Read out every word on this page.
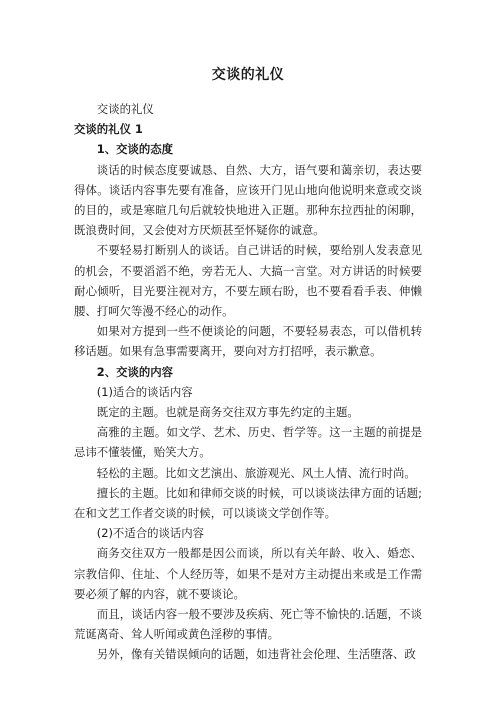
交谈的礼仪

交谈的礼仪

交谈的礼仪 1

1、交谈的态度

谈话的时候态度要诚恳、自然、大方，语气要和蔼亲切，表达要得体。谈话内容事先要有准备，应该开门见山地向他说明来意或交谈的目的，或是寒暄几句后就较快地进入正题。那种东拉西扯的闲聊，既浪费时间，又会使对方厌烦甚至怀疑你的诚意。

不要轻易打断别人的谈话。自己讲话的时候，要给别人发表意见的机会，不要滔滔不绝，旁若无人、大搞一言堂。对方讲话的时候要耐心倾听，目光要注视对方，不要左顾右盼，也不要看看手表、伸懒腰、打呵欠等漫不经心的动作。

如果对方提到一些不便谈论的问题，不要轻易表态，可以借机转移话题。如果有急事需要离开，要向对方打招呼，表示歉意。

2、交谈的内容

(1)适合的谈话内容

既定的主题。也就是商务交往双方事先约定的主题。

高雅的主题。如文学、艺术、历史、哲学等。这一主题的前提是忌讳不懂装懂，贻笑大方。

轻松的主题。比如文艺演出、旅游观光、风土人情、流行时尚。

擅长的主题。比如和律师交谈的时候，可以谈谈法律方面的话题;在和文艺工作者交谈的时候，可以谈谈文学创作等。

(2)不适合的谈话内容

商务交往双方一般都是因公而谈，所以有关年龄、收入、婚恋、宗教信仰、住址、个人经历等，如果不是对方主动提出来或是工作需要必须了解的内容，就不要谈论。

而且，谈话内容一般不要涉及疾病、死亡等不愉快的.话题，不谈荒诞离奇、耸人听闻或黄色淫秽的事情。

另外，像有关错误倾向的话题，如违背社会伦理、生活堕落、政
